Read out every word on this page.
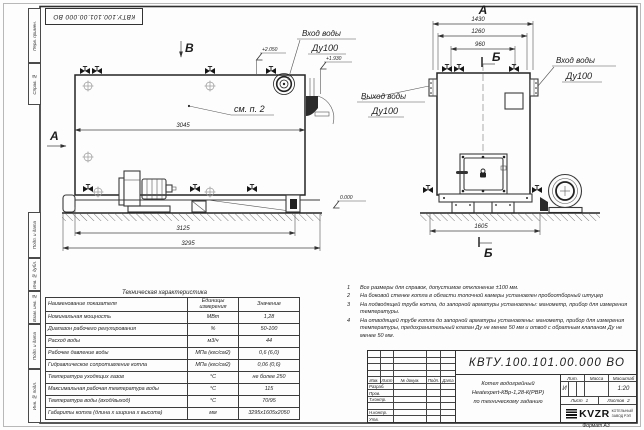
3045
3125
3295
В
А
см. п. 2
+2.050
+1.930
0.000
Вход воды
Ду100
А
1430
1260
960
1605
Б
Б
Выход воды
Ду100
Вход воды
Ду100
КВТУ.100.101.00.000 ВО
Перв. примен.
Справ. №
Подп. и дата
Инв. № дубл.
Взам. инв. №
Подп. и дата
Инв. № подл.
Техническая характеристика
Наименование показателя	Единицы измерения	Значение
Номинальная мощность	МВт	1,28
Диапазон рабочего регулирования	%	50-100
Расход воды	м3/ч	44
Рабочее давление воды	МПа (кгс/см2)	0,6 (6,0)
Гидравлическое сопротивление котла	МПа (кгс/см2)	0,06 (0,6)
Температура уходящих газов	°С	не более 250
Максимальная рабочая температура воды	°С	115
Температура воды (вход/выход)	°С	70/95
Габариты котла (длина х ширина х высота)	мм	3295х1605х2050
1	Все размеры для справок, допустимое отклонение ±100 мм.
2	На боковой стенке котла в области топочной камеры установлен пробоотборный штуцер
3	На подводящей трубе котла, до запорной арматуры установлены: манометр, прибор для измерения температуры.
4	На отводящей трубе котла до запорной арматуры установлены: манометр, прибор для измерения температуры, предохранительный клапан Ду не менее 50 мм и отвод с обратным клапаном Ду не менее 50 мм.
Изм. Лист	№ докум.	Подп. Дата
Разраб.
Пров.
Т.контр.
Н.контр.
Утв.
КВТУ.100.101.00.000 ВО
Котел водогрейный
Heatexpert-КВр-1,28-К(РВР)
по техническому заданию
Лит.	Масса	Масштаб
И	1:20
Лист 1	Листов 2
KVZR КОТЕЛЬНЫЙ
ЗАВОД РЭП
Формат А3
